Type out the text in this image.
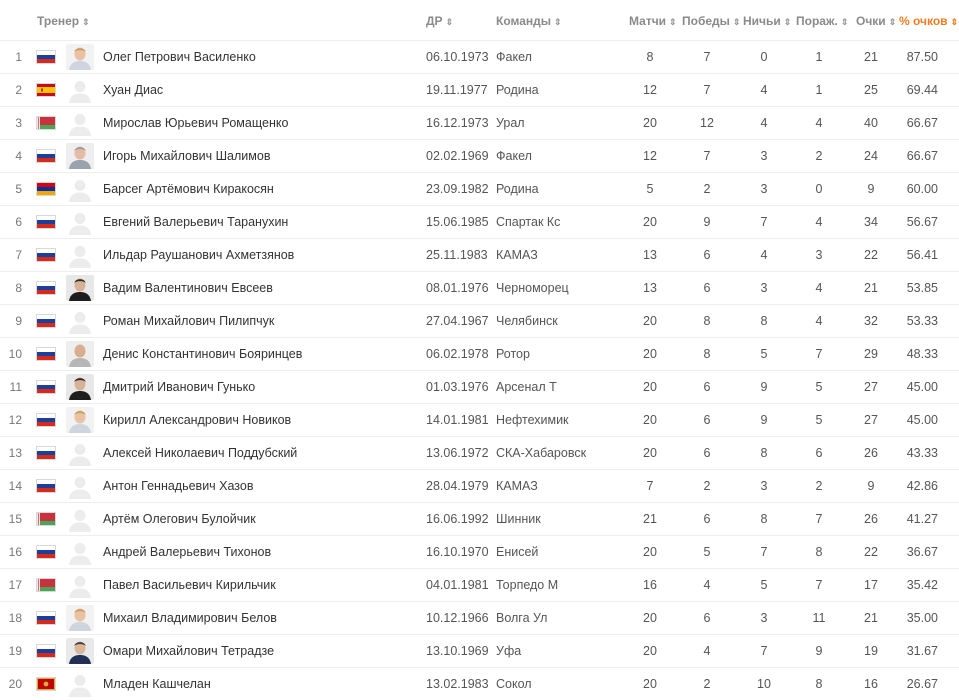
Тренер ⇕	ДР ⇕	Команды ⇕	Матчи ⇕ Победы ⇕ Ничьи ⇕ Пораж. ⇕ Очки ⇕ % очков ⇕
1	Олег Петрович Василенко	06.10.1973 Факел	8	7	0	1	21	87.50
2	Хуан Диас	19.11.1977 Родина	12	7	4	1	25	69.44
3	Мирослав Юрьевич Ромащенко	16.12.1973 Урал	20	12	4	4	40	66.67
4	Игорь Михайлович Шалимов	02.02.1969 Факел	12	7	3	2	24	66.67
5	Барсег Артёмович Киракосян	23.09.1982 Родина	5	2	3	0	9	60.00
6	Евгений Валерьевич Таранухин	15.06.1985 Спартак Кс	20	9	7	4	34	56.67
7	Ильдар Раушанович Ахметзянов	25.11.1983 КАМАЗ	13	6	4	3	22	56.41
8	Вадим Валентинович Евсеев	08.01.1976 Черноморец	13	6	3	4	21	53.85
9	Роман Михайлович Пилипчук	27.04.1967 Челябинск	20	8	8	4	32	53.33
10	Денис Константинович Бояринцев	06.02.1978 Ротор	20	8	5	7	29	48.33
11	Дмитрий Иванович Гунько	01.03.1976 Арсенал Т	20	6	9	5	27	45.00
12	Кирилл Александрович Новиков	14.01.1981 Нефтехимик	20	6	9	5	27	45.00
13	Алексей Николаевич Поддубский	13.06.1972 СКА-Хабаровск	20	6	8	6	26	43.33
14	Антон Геннадьевич Хазов	28.04.1979 КАМАЗ	7	2	3	2	9	42.86
15	Артём Олегович Булойчик	16.06.1992 Шинник	21	6	8	7	26	41.27
16	Андрей Валерьевич Тихонов	16.10.1970 Енисей	20	5	7	8	22	36.67
17	Павел Васильевич Кирильчик	04.01.1981 Торпедо М	16	4	5	7	17	35.42
18	Михаил Владимирович Белов	10.12.1966 Волга Ул	20	6	3	11	21	35.00
19	Омари Михайлович Тетрадзе	13.10.1969 Уфа	20	4	7	9	19	31.67
20	Младен Кашчелан	13.02.1983 Сокол	20	2	10	8	16	26.67
